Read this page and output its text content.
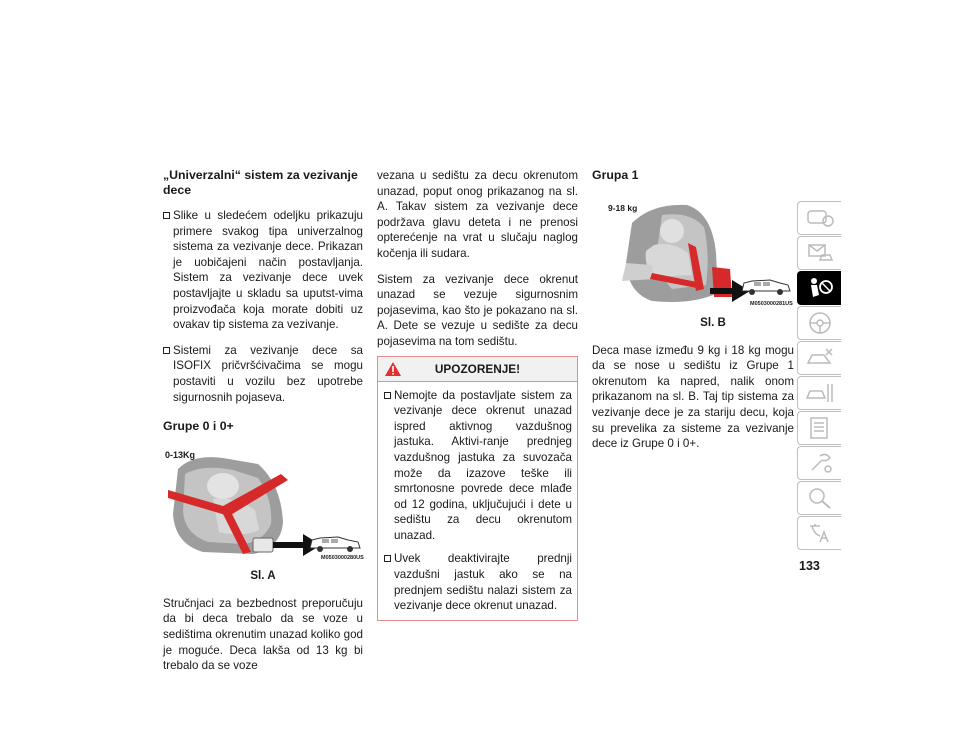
„Univerzalni“ sistem za vezivanje dece
Slike u sledećem odeljku prikazuju primere svakog tipa univerzalnog sistema za vezivanje dece. Prikazan je uobičajeni način postavljanja. Sistem za vezivanje dece uvek postavljajte u skladu sa uputst-vima proizvođača koja morate dobiti uz ovakav tip sistema za vezivanje.
Sistemi za vezivanje dece sa ISOFIX pričvršćivačima se mogu postaviti u vozilu bez upotrebe sigurnosnih pojaseva.
Grupe 0 i 0+
0-13Kg
M0503000280US
Sl. A

Stručnjaci za bezbednost preporučuju da bi deca trebalo da se voze u sedištima okrenutim unazad koliko god je moguće. Deca lakša od 13 kg bi trebalo da se voze

vezana u sedištu za decu okrenutom unazad, poput onog prikazanog na sl. A. Takav sistem za vezivanje dece podržava glavu deteta i ne prenosi opterećenje na vrat u slučaju naglog kočenja ili sudara.

Sistem za vezivanje dece okrenut unazad se vezuje sigurnosnim pojasevima, kao što je pokazano na sl. A. Dete se vezuje u sedište za decu pojasevima na tom sedištu.

UPOZORENJE!
Nemojte da postavljate sistem za vezivanje dece okrenut unazad ispred aktivnog vazdušnog jastuka. Aktivi-ranje prednjeg vazdušnog jastuka za suvozača može da izazove teške ili smrtonosne povrede dece mlađe od 12 godina, uključujući i dete u sedištu za decu okrenutom unazad.
Uvek deaktivirajte prednji vazdušni jastuk ako se na prednjem sedištu nalazi sistem za vezivanje dece okrenut unazad.
Grupa 1
9-18 kg
M0503000281US
Sl. B

Deca mase između 9 kg i 18 kg mogu da se nose u sedištu iz Grupe 1 okrenutom ka napred, nalik onom prikazanom na sl. B. Taj tip sistema za vezivanje dece je za stariju decu, koja su prevelika za sisteme za vezivanje dece iz Grupe 0 i 0+.

133
